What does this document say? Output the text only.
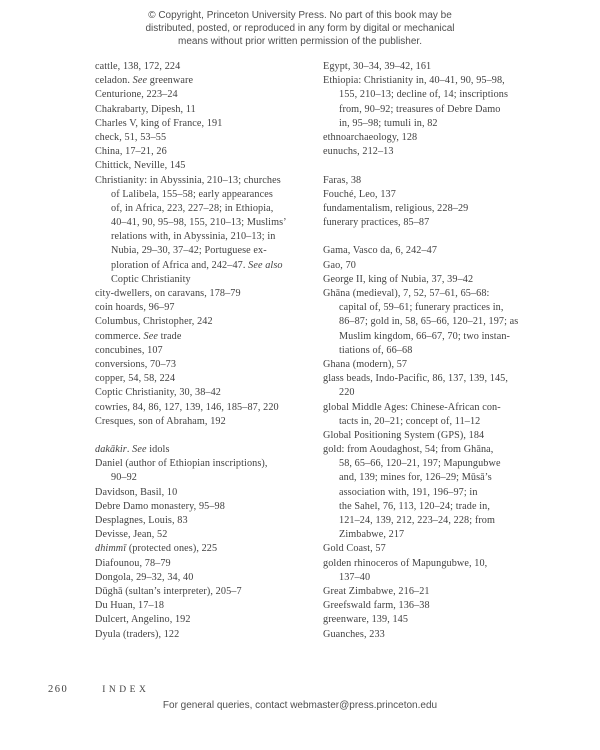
© Copyright, Princeton University Press. No part of this book may be
distributed, posted, or reproduced in any form by digital or mechanical
means without prior written permission of the publisher.
cattle, 138, 172, 224
celadon. See greenware
Centurione, 223–24
Chakrabarty, Dipesh, 11
Charles V, king of France, 191
check, 51, 53–55
China, 17–21, 26
Chittick, Neville, 145
Christianity: in Abyssinia, 210–13; churches
of Lalibela, 155–58; early appearances
of, in Africa, 223, 227–28; in Ethiopia,
40–41, 90, 95–98, 155, 210–13; Muslims’
relations with, in Abyssinia, 210–13; in
Nubia, 29–30, 37–42; Portuguese ex-
ploration of Africa and, 242–47. See also
Coptic Christianity
city-dwellers, on caravans, 178–79
coin hoards, 96–97
Columbus, Christopher, 242
commerce. See trade
concubines, 107
conversions, 70–73
copper, 54, 58, 224
Coptic Christianity, 30, 38–42
cowries, 84, 86, 127, 139, 146, 185–87, 220
Cresques, son of Abraham, 192
dakākir. See idols
Daniel (author of Ethiopian inscriptions),
90–92
Davidson, Basil, 10
Debre Damo monastery, 95–98
Desplagnes, Louis, 83
Devisse, Jean, 52
dhimmī (protected ones), 225
Diafounou, 78–79
Dongola, 29–32, 34, 40
Dūghā (sultan’s interpreter), 205–7
Du Huan, 17–18
Dulcert, Angelino, 192
Dyula (traders), 122
Egypt, 30–34, 39–42, 161
Ethiopia: Christianity in, 40–41, 90, 95–98,
155, 210–13; decline of, 14; inscriptions
from, 90–92; treasures of Debre Damo
in, 95–98; tumuli in, 82
ethnoarchaeology, 128
eunuchs, 212–13
Faras, 38
Fouché, Leo, 137
fundamentalism, religious, 228–29
funerary practices, 85–87
Gama, Vasco da, 6, 242–47
Gao, 70
George II, king of Nubia, 37, 39–42
Ghāna (medieval), 7, 52, 57–61, 65–68:
capital of, 59–61; funerary practices in,
86–87; gold in, 58, 65–66, 120–21, 197; as
Muslim kingdom, 66–67, 70; two instan-
tiations of, 66–68
Ghana (modern), 57
glass beads, Indo-Pacific, 86, 137, 139, 145,
220
global Middle Ages: Chinese-African con-
tacts in, 20–21; concept of, 11–12
Global Positioning System (GPS), 184
gold: from Aoudaghost, 54; from Ghāna,
58, 65–66, 120–21, 197; Mapungubwe
and, 139; mines for, 126–29; Mūsā’s
association with, 191, 196–97; in
the Sahel, 76, 113, 120–24; trade in,
121–24, 139, 212, 223–24, 228; from
Zimbabwe, 217
Gold Coast, 57
golden rhinoceros of Mapungubwe, 10,
137–40
Great Zimbabwe, 216–21
Greefswald farm, 136–38
greenware, 139, 145
Guanches, 233
260	INDEX
For general queries, contact webmaster@press.princeton.edu
